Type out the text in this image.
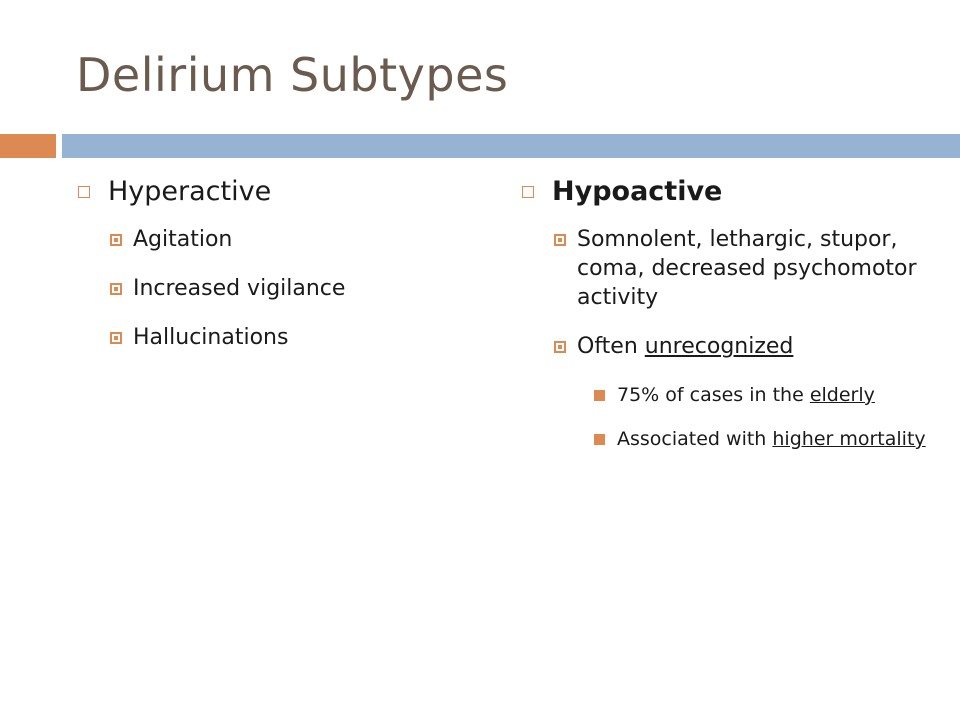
Delirium Subtypes
Hyperactive
Agitation
Increased vigilance
Hallucinations
Hypoactive
Somnolent, lethargic, stupor, coma, decreased psychomotor activity
Often unrecognized
75% of cases in the elderly
Associated with higher mortality
